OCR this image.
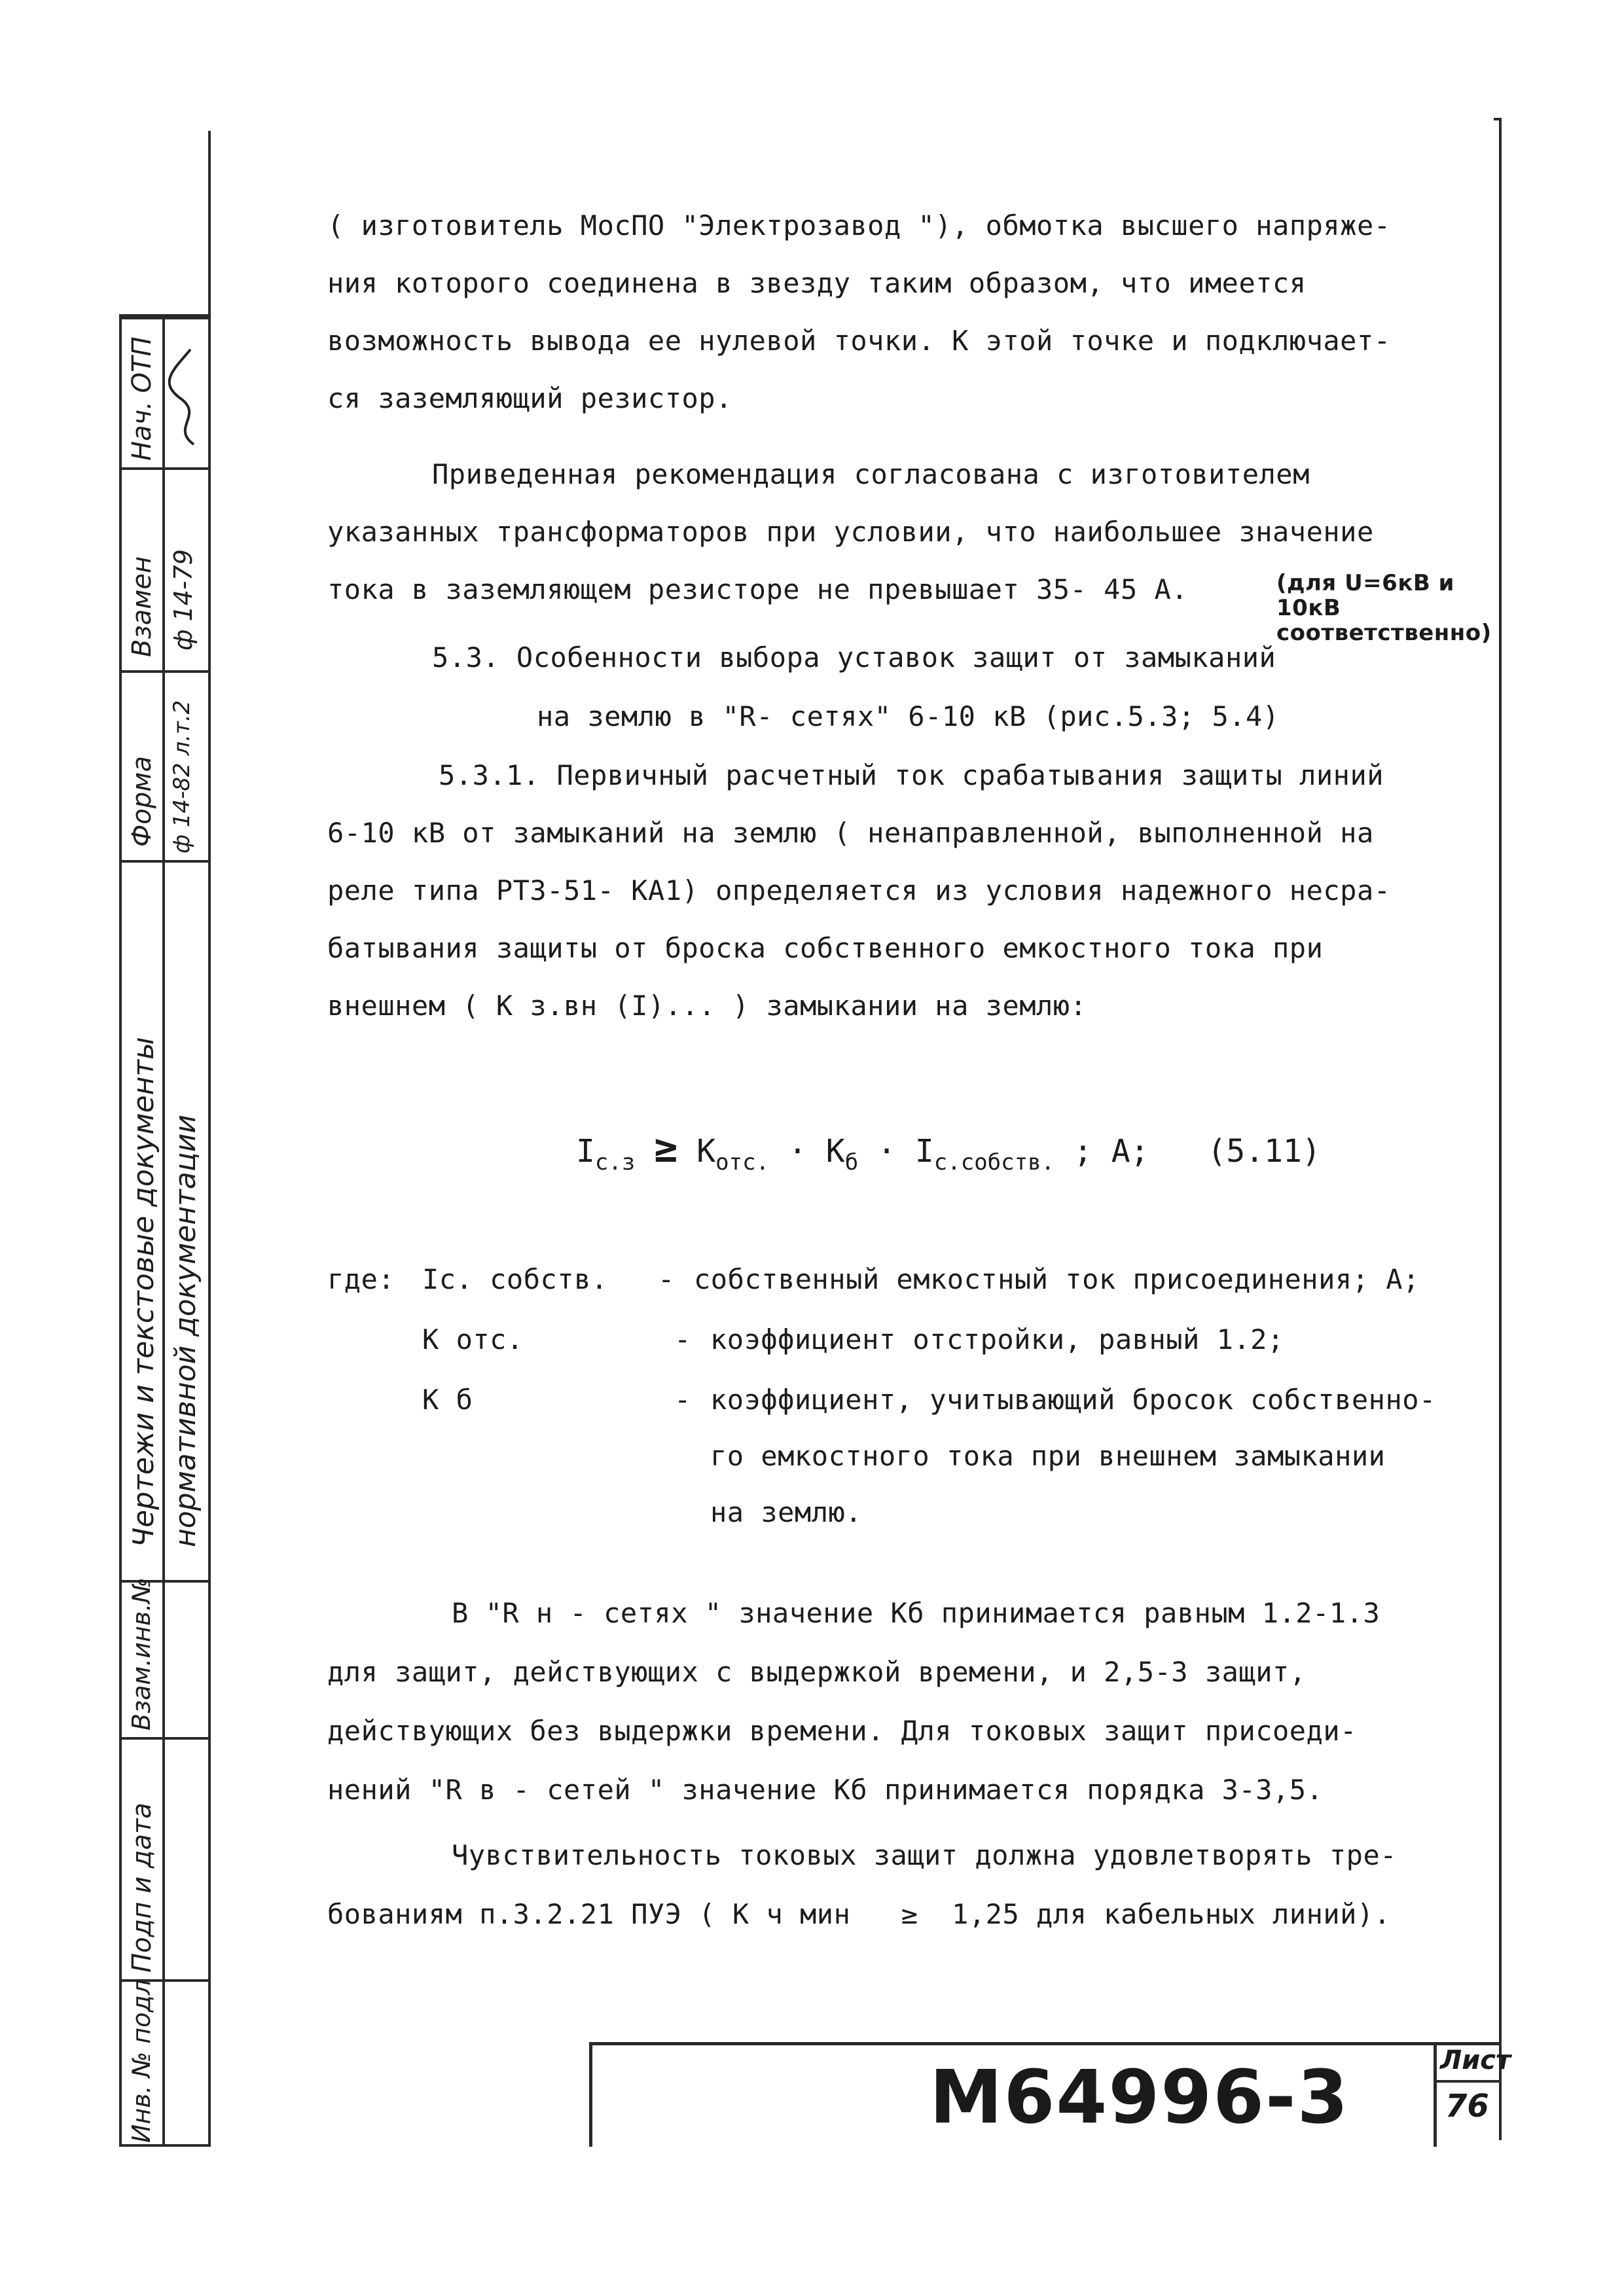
Нач. ОТП
Взамен ф 14-79
Форма ф 14-82 л.т.2
Чертежи и текстовые документы нормативной документации
Взам.инв.№
Подп и дата
Инв. № подл
( изготовитель МосПО "Электрозавод "), обмотка высшего напряже-
ния которого соединена в звезду таким образом, что имеется
возможность вывода ее нулевой точки. К этой точке и подключает-
ся заземляющий резистор.
Приведенная рекомендация согласована с изготовителем
указанных трансформаторов при условии, что наибольшее значение
тока в заземляющем резисторе не превышает 35- 45 А.	(для U=6кВ и 10кВ соответственно)
5.3. Особенности выбора уставок защит от замыканий
на землю в "R- сетях" 6-10 кВ (рис.5.3; 5.4)
5.3.1. Первичный расчетный ток срабатывания защиты линий
6-10 кВ от замыканий на землю ( ненаправленной, выполненной на
реле типа РТЗ-51- КА1) определяется из условия надежного несра-
батывания защиты от броска собственного емкостного тока при
внешнем ( К з.вн (I)... ) замыкании на землю:
$I_{с.з} \ge К_{отс.} \cdot К_б \cdot I_{с.собств.}$ ; А; (5.11)
где: Iс. собств. - собственный емкостный ток присоединения; А;
К отс.	- коэффициент отстройки, равный 1.2;
К б	- коэффициент, учитывающий бросок собственно-
го емкостного тока при внешнем замыкании
на землю.
В "R н - сетях " значение Кб принимается равным 1.2-1.3
для защит, действующих с выдержкой времени, и 2,5-3 защит,
действующих без выдержки времени. Для токовых защит присоеди-
нений "R в - сетей " значение Кб принимается порядка 3-3,5.
Чувствительность токовых защит должна удовлетворять тре-
бованиям п.3.2.21 ПУЭ ( К ч мин   ≥  1,25 для кабельных линий).
М64996-3	Лист
76
